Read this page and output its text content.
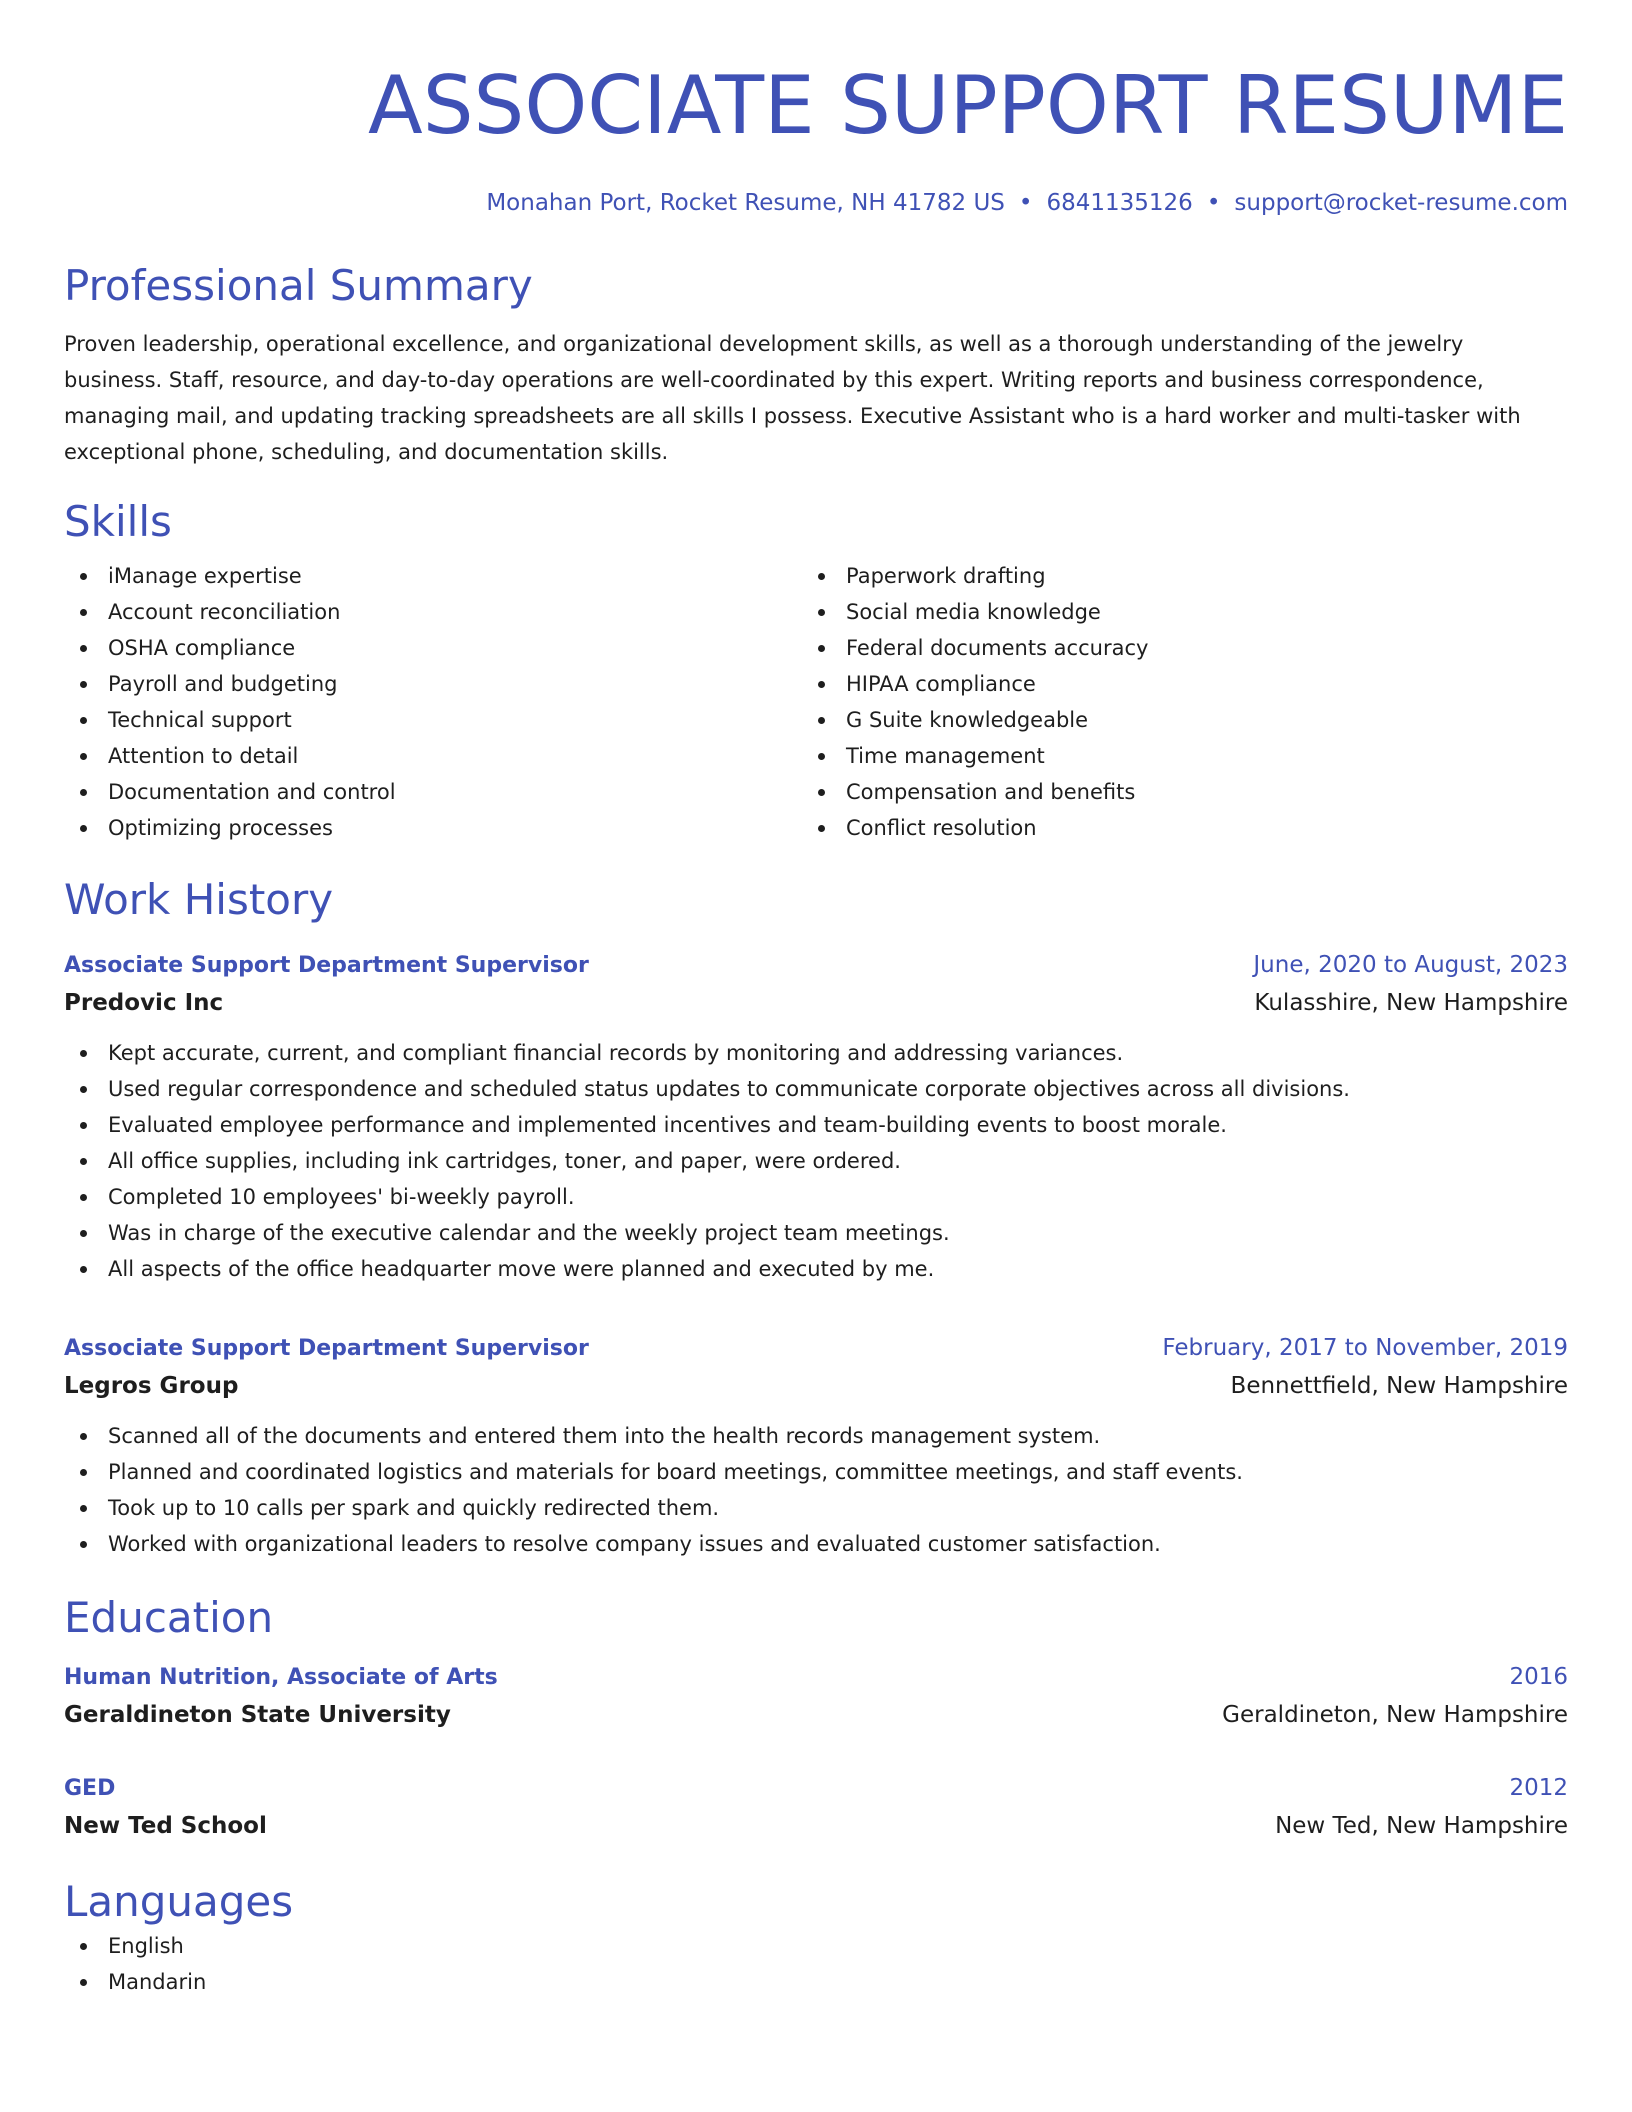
ASSOCIATE SUPPORT RESUME
Monahan Port, Rocket Resume, NH 41782 US • 6841135126 • support@rocket-resume.com
Professional Summary

Proven leadership, operational excellence, and organizational development skills, as well as a thorough understanding of the jewelry business. Staff, resource, and day-to-day operations are well-coordinated by this expert. Writing reports and business correspondence, managing mail, and updating tracking spreadsheets are all skills I possess. Executive Assistant who is a hard worker and multi-tasker with exceptional phone, scheduling, and documentation skills.

Skills
iManage expertise
Account reconciliation
OSHA compliance
Payroll and budgeting
Technical support
Attention to detail
Documentation and control
Optimizing processes
Paperwork drafting
Social media knowledge
Federal documents accuracy
HIPAA compliance
G Suite knowledgeable
Time management
Compensation and benefits
Conflict resolution
Work History
Associate Support Department Supervisor	June, 2020 to August, 2023
Predovic Inc	Kulasshire, New Hampshire
Kept accurate, current, and compliant financial records by monitoring and addressing variances.
Used regular correspondence and scheduled status updates to communicate corporate objectives across all divisions.
Evaluated employee performance and implemented incentives and team-building events to boost morale.
All office supplies, including ink cartridges, toner, and paper, were ordered.
Completed 10 employees' bi-weekly payroll.
Was in charge of the executive calendar and the weekly project team meetings.
All aspects of the office headquarter move were planned and executed by me.
Associate Support Department Supervisor	February, 2017 to November, 2019
Legros Group	Bennettfield, New Hampshire
Scanned all of the documents and entered them into the health records management system.
Planned and coordinated logistics and materials for board meetings, committee meetings, and staff events.
Took up to 10 calls per spark and quickly redirected them.
Worked with organizational leaders to resolve company issues and evaluated customer satisfaction.
Education
Human Nutrition, Associate of Arts	2016
Geraldineton State University	Geraldineton, New Hampshire
GED	2012
New Ted School	New Ted, New Hampshire
Languages
English
Mandarin
